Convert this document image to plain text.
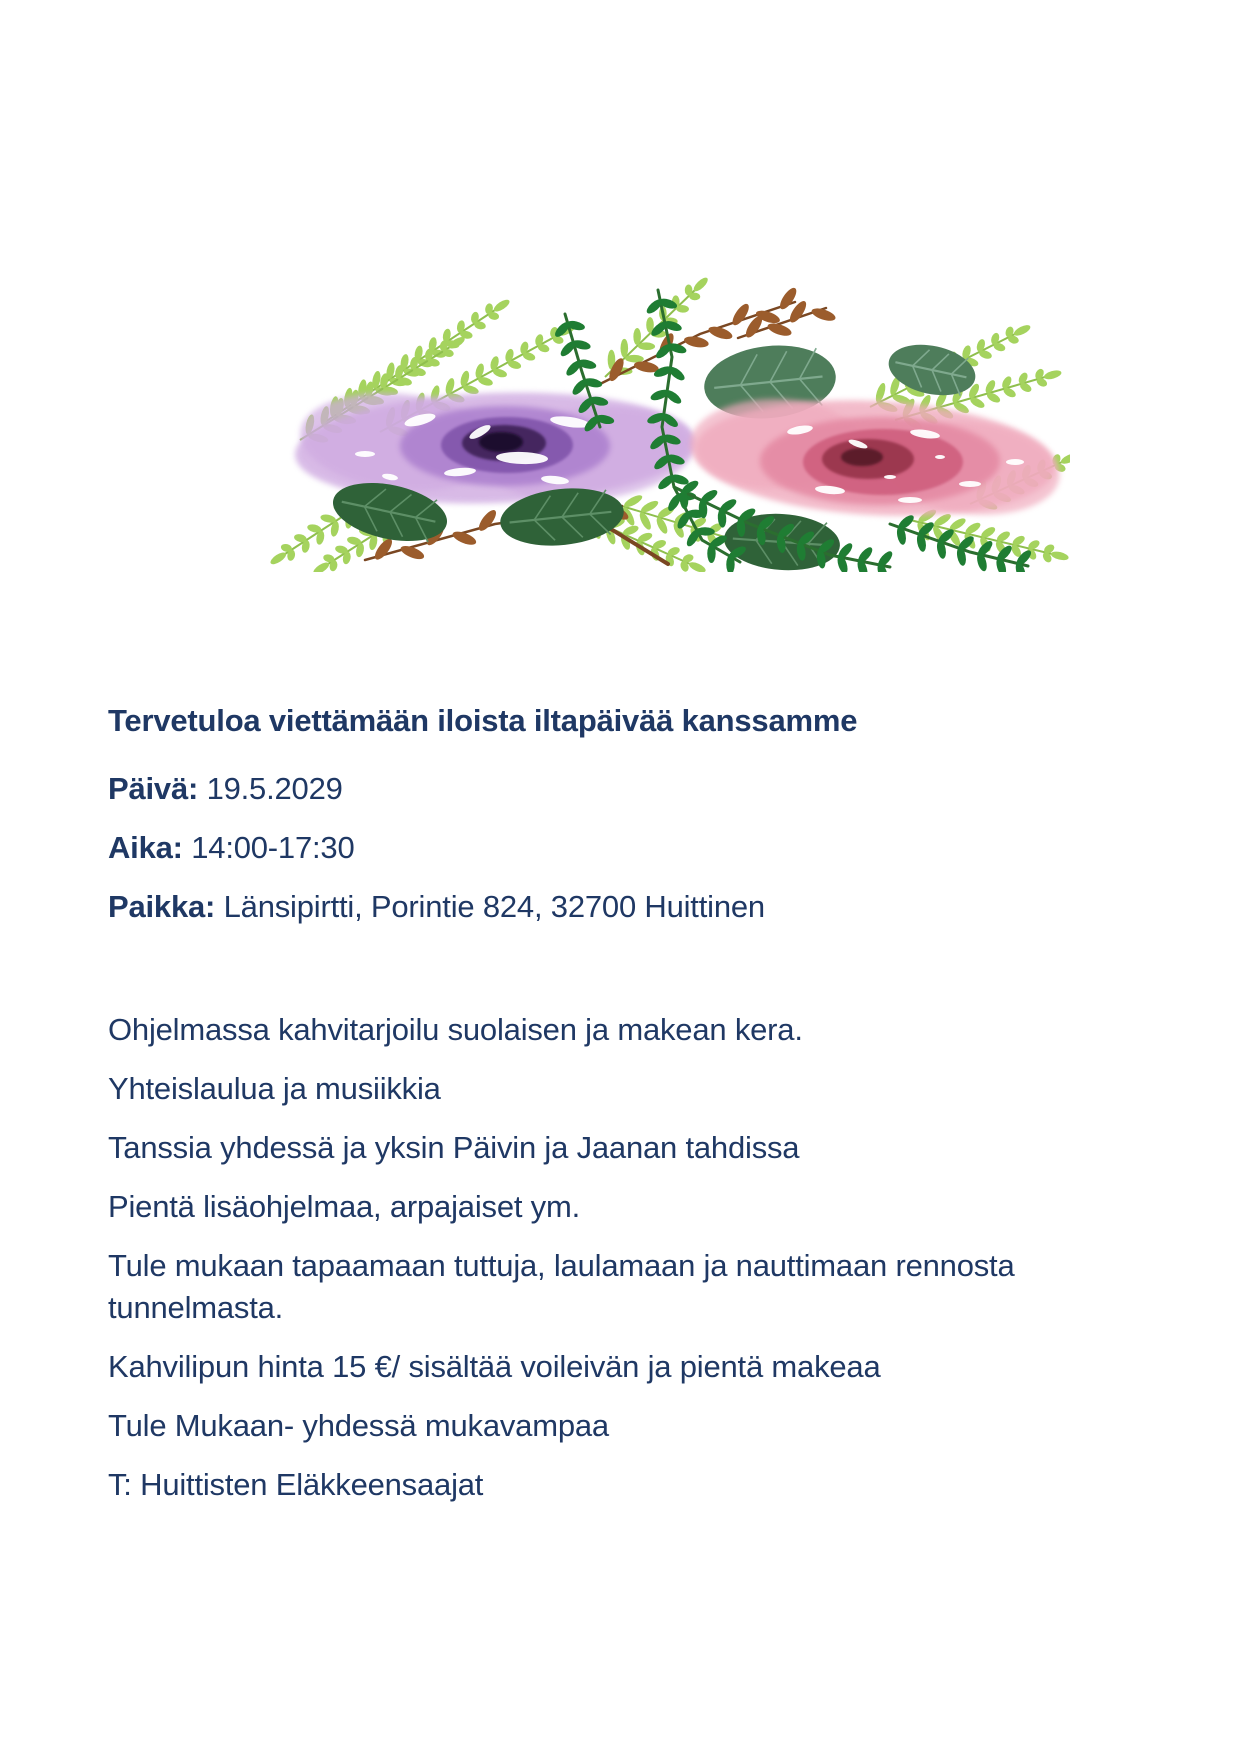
Tervetuloa viettämään iloista iltapäivää kanssamme

Päivä: 19.5.2029

Aika: 14:00-17:30

Paikka: Länsipirtti, Porintie 824, 32700 Huittinen

Ohjelmassa kahvitarjoilu suolaisen ja makean kera.

Yhteislaulua ja musiikkia

Tanssia yhdessä ja yksin Päivin ja Jaanan tahdissa

Pientä lisäohjelmaa, arpajaiset ym.

Tule mukaan tapaamaan tuttuja, laulamaan ja nauttimaan rennosta tunnelmasta.

Kahvilipun hinta 15 €/ sisältää voileivän ja pientä makeaa

Tule Mukaan- yhdessä mukavampaa

T: Huittisten Eläkkeensaajat
